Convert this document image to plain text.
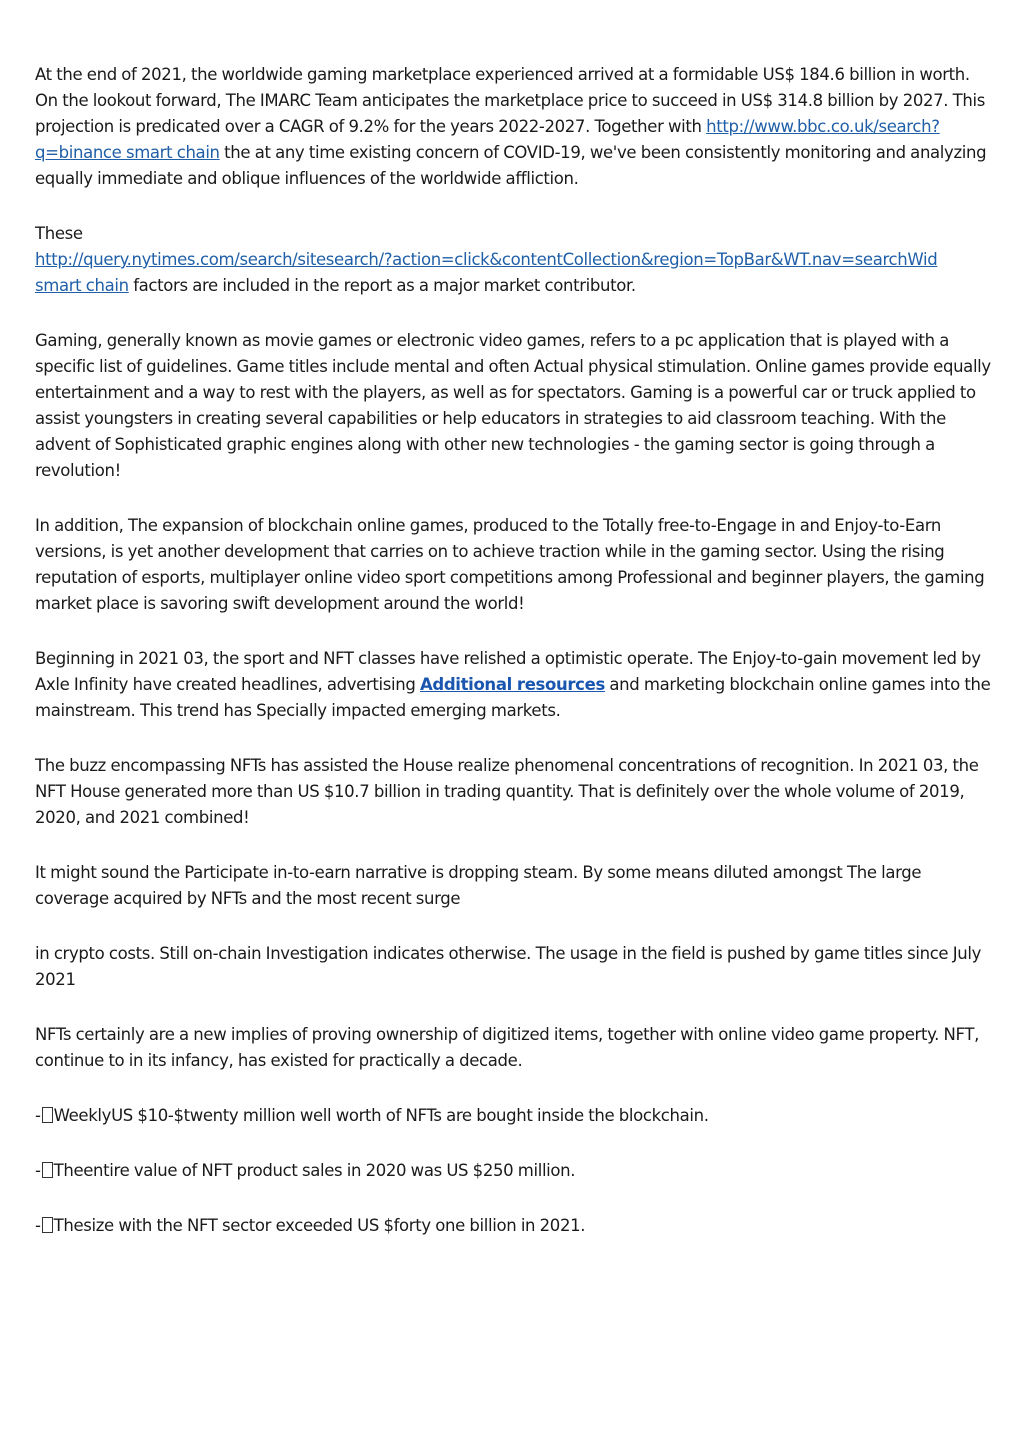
At the end of 2021, the worldwide gaming marketplace experienced arrived at a formidable US$ 184.6 billion in worth. On the lookout forward, The IMARC Team anticipates the marketplace price to succeed in US$ 314.8 billion by 2027. This projection is predicated over a CAGR of 9.2% for the years 2022-2027. Together with http://www.bbc.co.uk/search?q=binance smart chain the at any time existing concern of COVID-19, we've been consistently monitoring and analyzing equally immediate and oblique influences of the worldwide affliction.

These
http://query.nytimes.com/search/sitesearch/?action=click&contentCollection&region=TopBar&WT.nav=searchWid
smart chain factors are included in the report as a major market contributor.

Gaming, generally known as movie games or electronic video games, refers to a pc application that is played with a specific list of guidelines. Game titles include mental and often Actual physical stimulation. Online games provide equally entertainment and a way to rest with the players, as well as for spectators. Gaming is a powerful car or truck applied to assist youngsters in creating several capabilities or help educators in strategies to aid classroom teaching. With the advent of Sophisticated graphic engines along with other new technologies - the gaming sector is going through a revolution!

In addition, The expansion of blockchain online games, produced to the Totally free-to-Engage in and Enjoy-to-Earn versions, is yet another development that carries on to achieve traction while in the gaming sector. Using the rising reputation of esports, multiplayer online video sport competitions among Professional and beginner players, the gaming market place is savoring swift development around the world!

Beginning in 2021 03, the sport and NFT classes have relished a optimistic operate. The Enjoy-to-gain movement led by Axle Infinity have created headlines, advertising Additional resources and marketing blockchain online games into the mainstream. This trend has Specially impacted emerging markets.

The buzz encompassing NFTs has assisted the House realize phenomenal concentrations of recognition. In 2021 03, the NFT House generated more than US $10.7 billion in trading quantity. That is definitely over the whole volume of 2019, 2020, and 2021 combined!

It might sound the Participate in-to-earn narrative is dropping steam. By some means diluted amongst The large coverage acquired by NFTs and the most recent surge

in crypto costs. Still on-chain Investigation indicates otherwise. The usage in the field is pushed by game titles since July 2021

NFTs certainly are a new implies of proving ownership of digitized items, together with online video game property. NFT, continue to in its infancy, has existed for practically a decade.

- WeeklyUS $10-$twenty million well worth of NFTs are bought inside the blockchain.

- Theentire value of NFT product sales in 2020 was US $250 million.

- Thesize with the NFT sector exceeded US $forty one billion in 2021.
